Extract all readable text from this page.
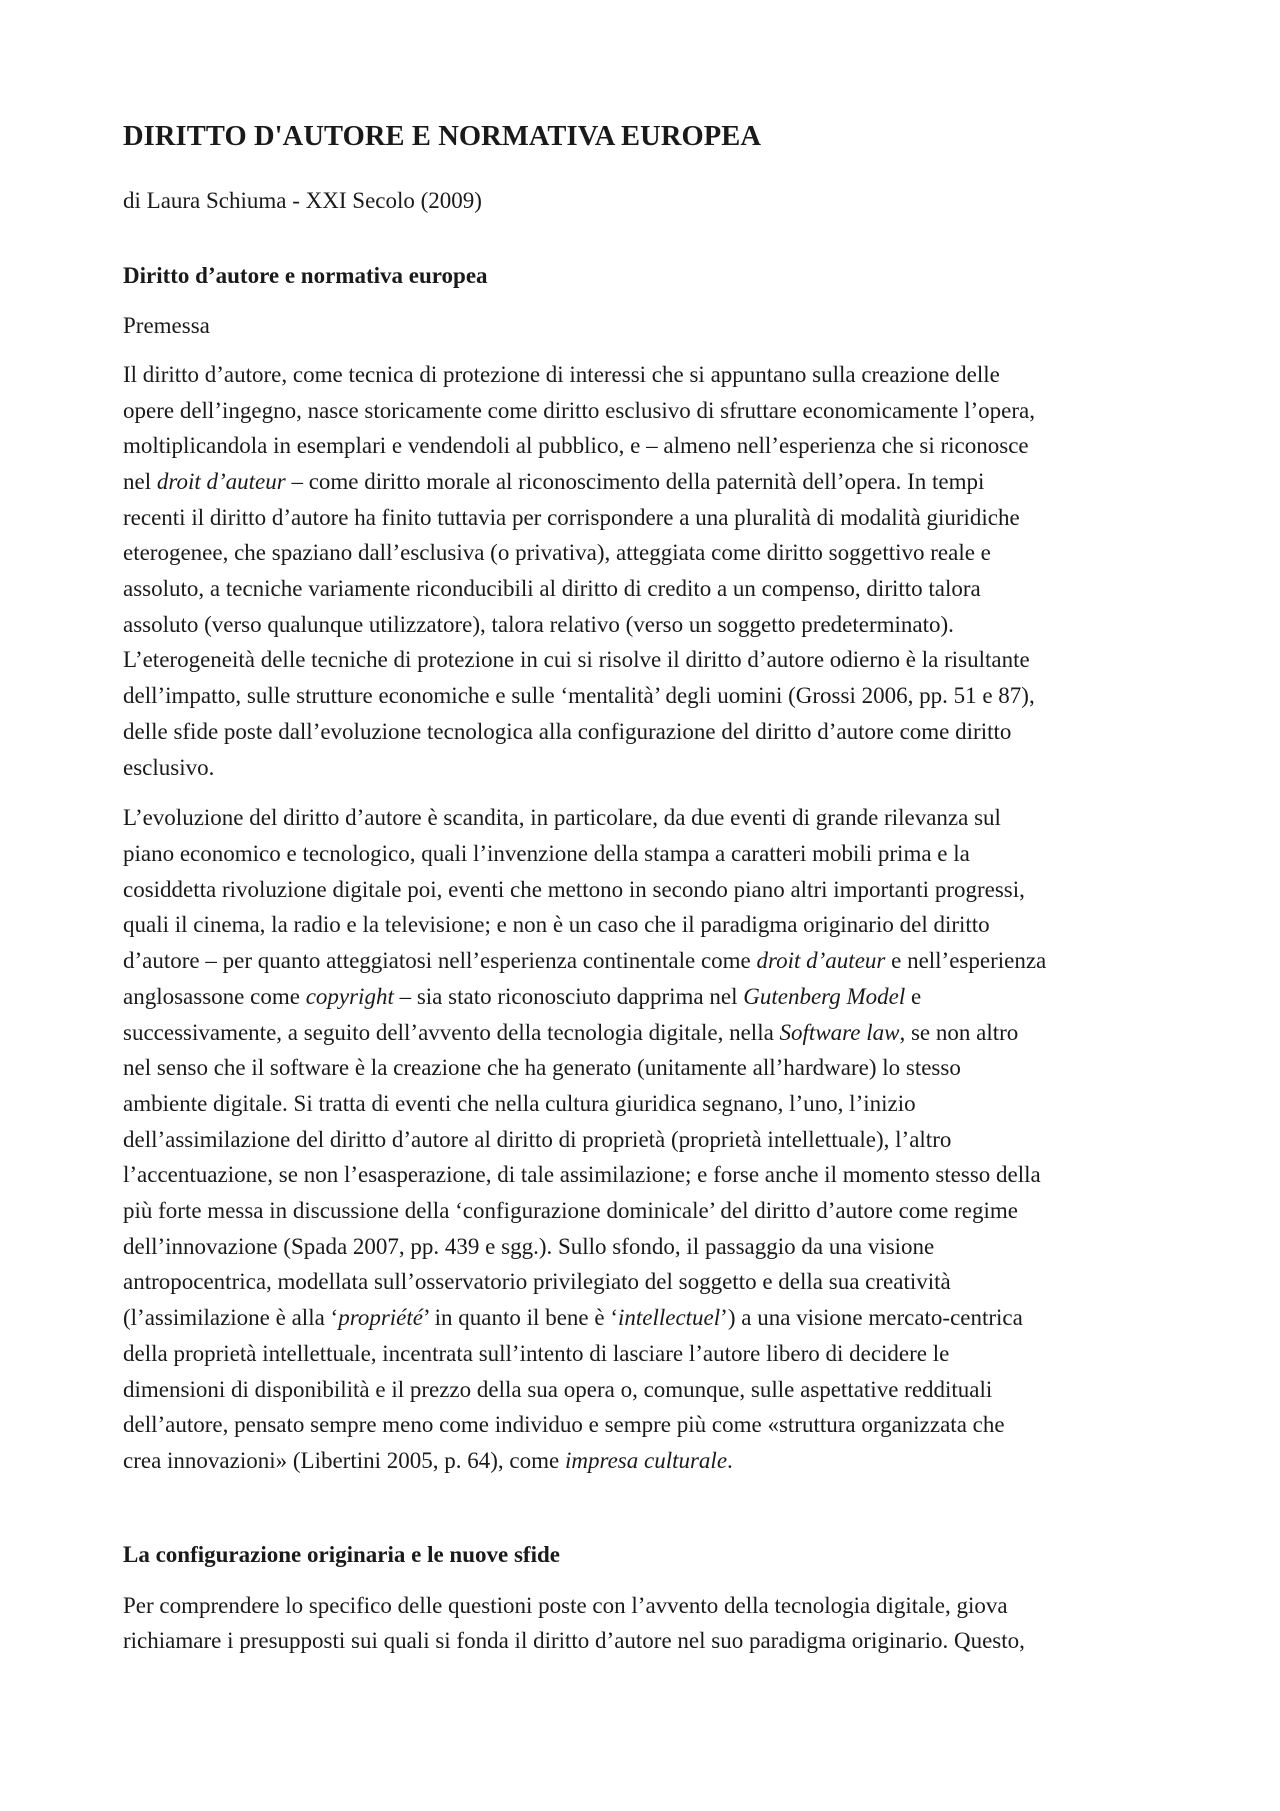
DIRITTO D'AUTORE E NORMATIVA EUROPEA

di Laura Schiuma - XXI Secolo (2009)

Diritto d’autore e normativa europea

Premessa

Il diritto d’autore, come tecnica di protezione di interessi che si appuntano sulla creazione delle
opere dell’ingegno, nasce storicamente come diritto esclusivo di sfruttare economicamente l’opera,
moltiplicandola in esemplari e vendendoli al pubblico, e – almeno nell’esperienza che si riconosce
nel droit d’auteur – come diritto morale al riconoscimento della paternità dell’opera. In tempi
recenti il diritto d’autore ha finito tuttavia per corrispondere a una pluralità di modalità giuridiche
eterogenee, che spaziano dall’esclusiva (o privativa), atteggiata come diritto soggettivo reale e
assoluto, a tecniche variamente riconducibili al diritto di credito a un compenso, diritto talora
assoluto (verso qualunque utilizzatore), talora relativo (verso un soggetto predeterminato).
L’eterogeneità delle tecniche di protezione in cui si risolve il diritto d’autore odierno è la risultante
dell’impatto, sulle strutture economiche e sulle ‘mentalità’ degli uomini (Grossi 2006, pp. 51 e 87),
delle sfide poste dall’evoluzione tecnologica alla configurazione del diritto d’autore come diritto
esclusivo.

L’evoluzione del diritto d’autore è scandita, in particolare, da due eventi di grande rilevanza sul
piano economico e tecnologico, quali l’invenzione della stampa a caratteri mobili prima e la
cosiddetta rivoluzione digitale poi, eventi che mettono in secondo piano altri importanti progressi,
quali il cinema, la radio e la televisione; e non è un caso che il paradigma originario del diritto
d’autore – per quanto atteggiatosi nell’esperienza continentale come droit d’auteur e nell’esperienza
anglosassone come copyright – sia stato riconosciuto dapprima nel Gutenberg Model e
successivamente, a seguito dell’avvento della tecnologia digitale, nella Software law, se non altro
nel senso che il software è la creazione che ha generato (unitamente all’hardware) lo stesso
ambiente digitale. Si tratta di eventi che nella cultura giuridica segnano, l’uno, l’inizio
dell’assimilazione del diritto d’autore al diritto di proprietà (proprietà intellettuale), l’altro
l’accentuazione, se non l’esasperazione, di tale assimilazione; e forse anche il momento stesso della
più forte messa in discussione della ‘configurazione dominicale’ del diritto d’autore come regime
dell’innovazione (Spada 2007, pp. 439 e sgg.). Sullo sfondo, il passaggio da una visione
antropocentrica, modellata sull’osservatorio privilegiato del soggetto e della sua creatività
(l’assimilazione è alla ‘propriété’ in quanto il bene è ‘intellectuel’) a una visione mercato-centrica
della proprietà intellettuale, incentrata sull’intento di lasciare l’autore libero di decidere le
dimensioni di disponibilità e il prezzo della sua opera o, comunque, sulle aspettative reddituali
dell’autore, pensato sempre meno come individuo e sempre più come «struttura organizzata che
crea innovazioni» (Libertini 2005, p. 64), come impresa culturale.

La configurazione originaria e le nuove sfide

Per comprendere lo specifico delle questioni poste con l’avvento della tecnologia digitale, giova
richiamare i presupposti sui quali si fonda il diritto d’autore nel suo paradigma originario. Questo,
